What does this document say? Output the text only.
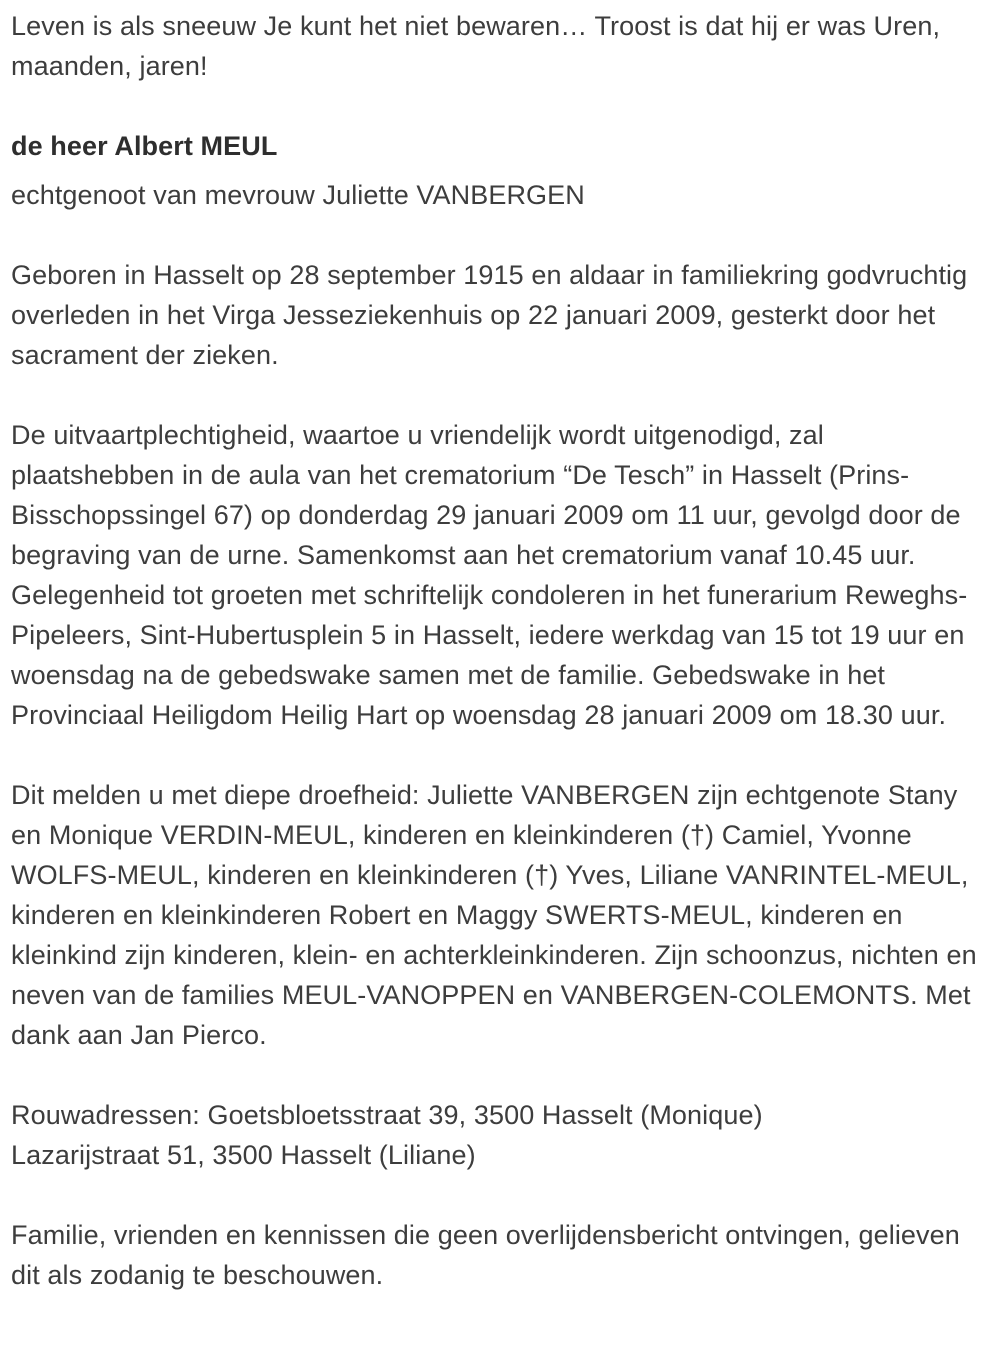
Leven is als sneeuw Je kunt het niet bewaren… Troost is dat hij er was Uren, maanden, jaren!

de heer Albert MEUL

echtgenoot van mevrouw Juliette VANBERGEN

Geboren in Hasselt op 28 september 1915 en aldaar in familiekring godvruchtig overleden in het Virga Jesseziekenhuis op 22 januari 2009, gesterkt door het sacrament der zieken.

De uitvaartplechtigheid, waartoe u vriendelijk wordt uitgenodigd, zal plaatshebben in de aula van het crematorium “De Tesch” in Hasselt (Prins-Bisschopssingel 67) op donderdag 29 januari 2009 om 11 uur, gevolgd door de begraving van de urne. Samenkomst aan het crematorium vanaf 10.45 uur. Gelegenheid tot groeten met schriftelijk condoleren in het funerarium Reweghs-Pipeleers, Sint-Hubertusplein 5 in Hasselt, iedere werkdag van 15 tot 19 uur en woensdag na de gebedswake samen met de familie. Gebedswake in het Provinciaal Heiligdom Heilig Hart op woensdag 28 januari 2009 om 18.30 uur.

Dit melden u met diepe droefheid: Juliette VANBERGEN zijn echtgenote Stany en Monique VERDIN-MEUL, kinderen en kleinkinderen (†) Camiel, Yvonne WOLFS-MEUL, kinderen en kleinkinderen (†) Yves, Liliane VANRINTEL-MEUL, kinderen en kleinkinderen Robert en Maggy SWERTS-MEUL, kinderen en kleinkind zijn kinderen, klein- en achterkleinkinderen. Zijn schoonzus, nichten en neven van de families MEUL-VANOPPEN en VANBERGEN-COLEMONTS. Met dank aan Jan Pierco.

Rouwadressen: Goetsbloetsstraat 39, 3500 Hasselt (Monique)
Lazarijstraat 51, 3500 Hasselt (Liliane)

Familie, vrienden en kennissen die geen overlijdensbericht ontvingen, gelieven dit als zodanig te beschouwen.
